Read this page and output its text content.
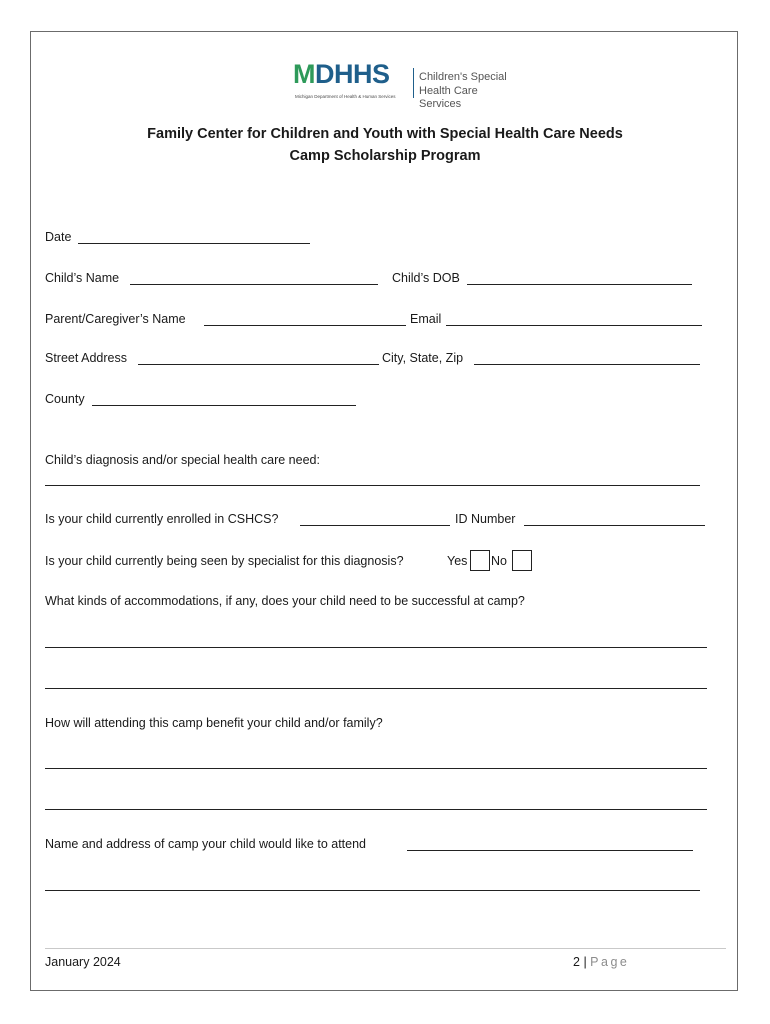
MDHHS
Michigan Department of Health & Human Services
Children's Special
Health Care Services
Family Center for Children and Youth with Special Health Care Needs
Camp Scholarship Program
Date
Child’s Name	Child’s DOB
Parent/Caregiver’s Name	Email
Street Address	City, State, Zip
County
Child’s diagnosis and/or special health care need:
Is your child currently enrolled in CSHCS?	ID Number
Is your child currently being seen by specialist for this diagnosis?	Yes No
What kinds of accommodations, if any, does your child need to be successful at camp?
How will attending this camp benefit your child and/or family?
Name and address of camp your child would like to attend
January 2024	2 | Page
